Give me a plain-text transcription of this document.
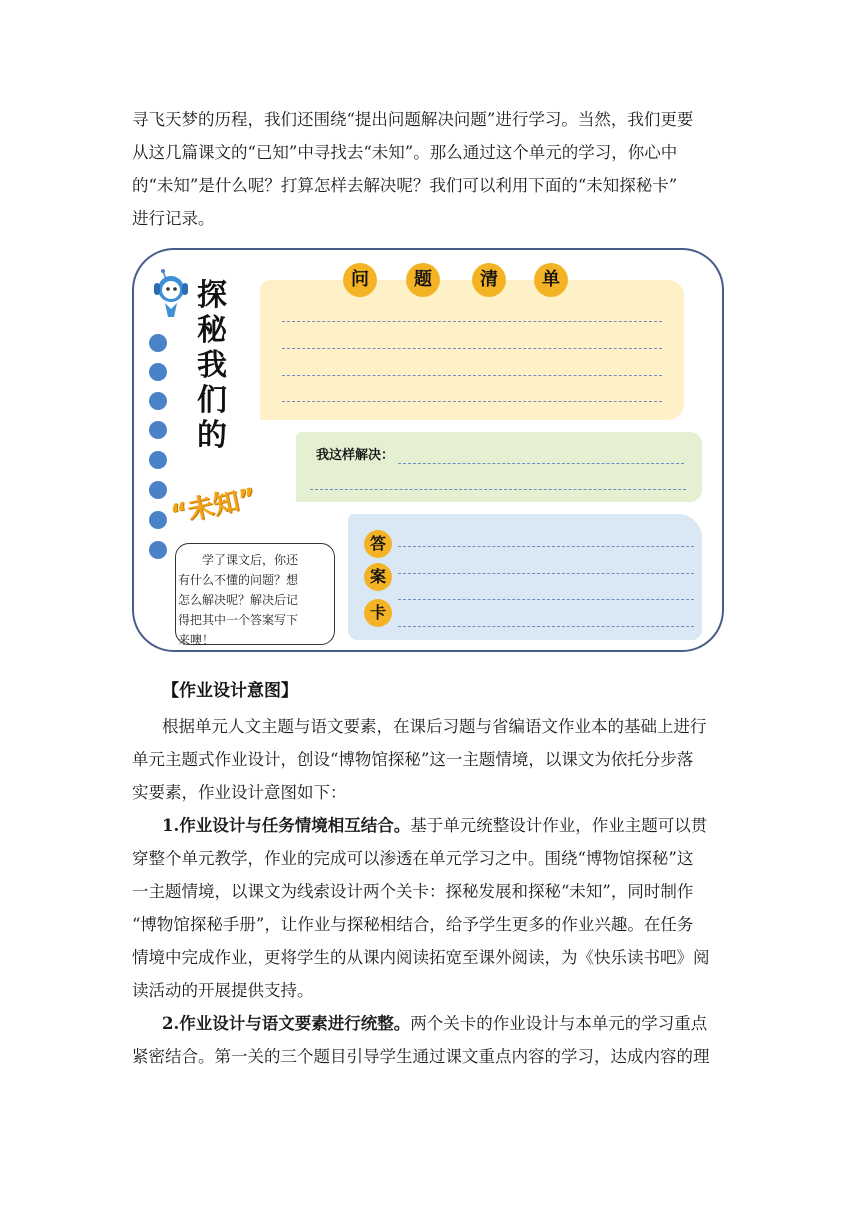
寻飞天梦的历程，我们还围绕“提出问题解决问题”进行学习。当然，我们更要
从这几篇课文的“已知”中寻找去“未知”。那么通过这个单元的学习，你心中
的“未知”是什么呢？打算怎样去解决呢？我们可以利用下面的“未知探秘卡”
进行记录。
探
秘
我
们
的
“未知”
学了课文后，你还
有什么不懂的问题？想
怎么解决呢？解决后记
得把其中一个答案写下
来噢！
问	题	清	单
我这样解决：
答
案
卡
【作业设计意图】
根据单元人文主题与语文要素，在课后习题与省编语文作业本的基础上进行
单元主题式作业设计，创设“博物馆探秘”这一主题情境，以课文为依托分步落
实要素，作业设计意图如下：
1.作业设计与任务情境相互结合。基于单元统整设计作业，作业主题可以贯
穿整个单元教学，作业的完成可以渗透在单元学习之中。围绕“博物馆探秘”这
一主题情境，以课文为线索设计两个关卡：探秘发展和探秘“未知”，同时制作
“博物馆探秘手册”，让作业与探秘相结合，给予学生更多的作业兴趣。在任务
情境中完成作业，更将学生的从课内阅读拓宽至课外阅读，为《快乐读书吧》阅
读活动的开展提供支持。
2.作业设计与语文要素进行统整。两个关卡的作业设计与本单元的学习重点
紧密结合。第一关的三个题目引导学生通过课文重点内容的学习，达成内容的理
